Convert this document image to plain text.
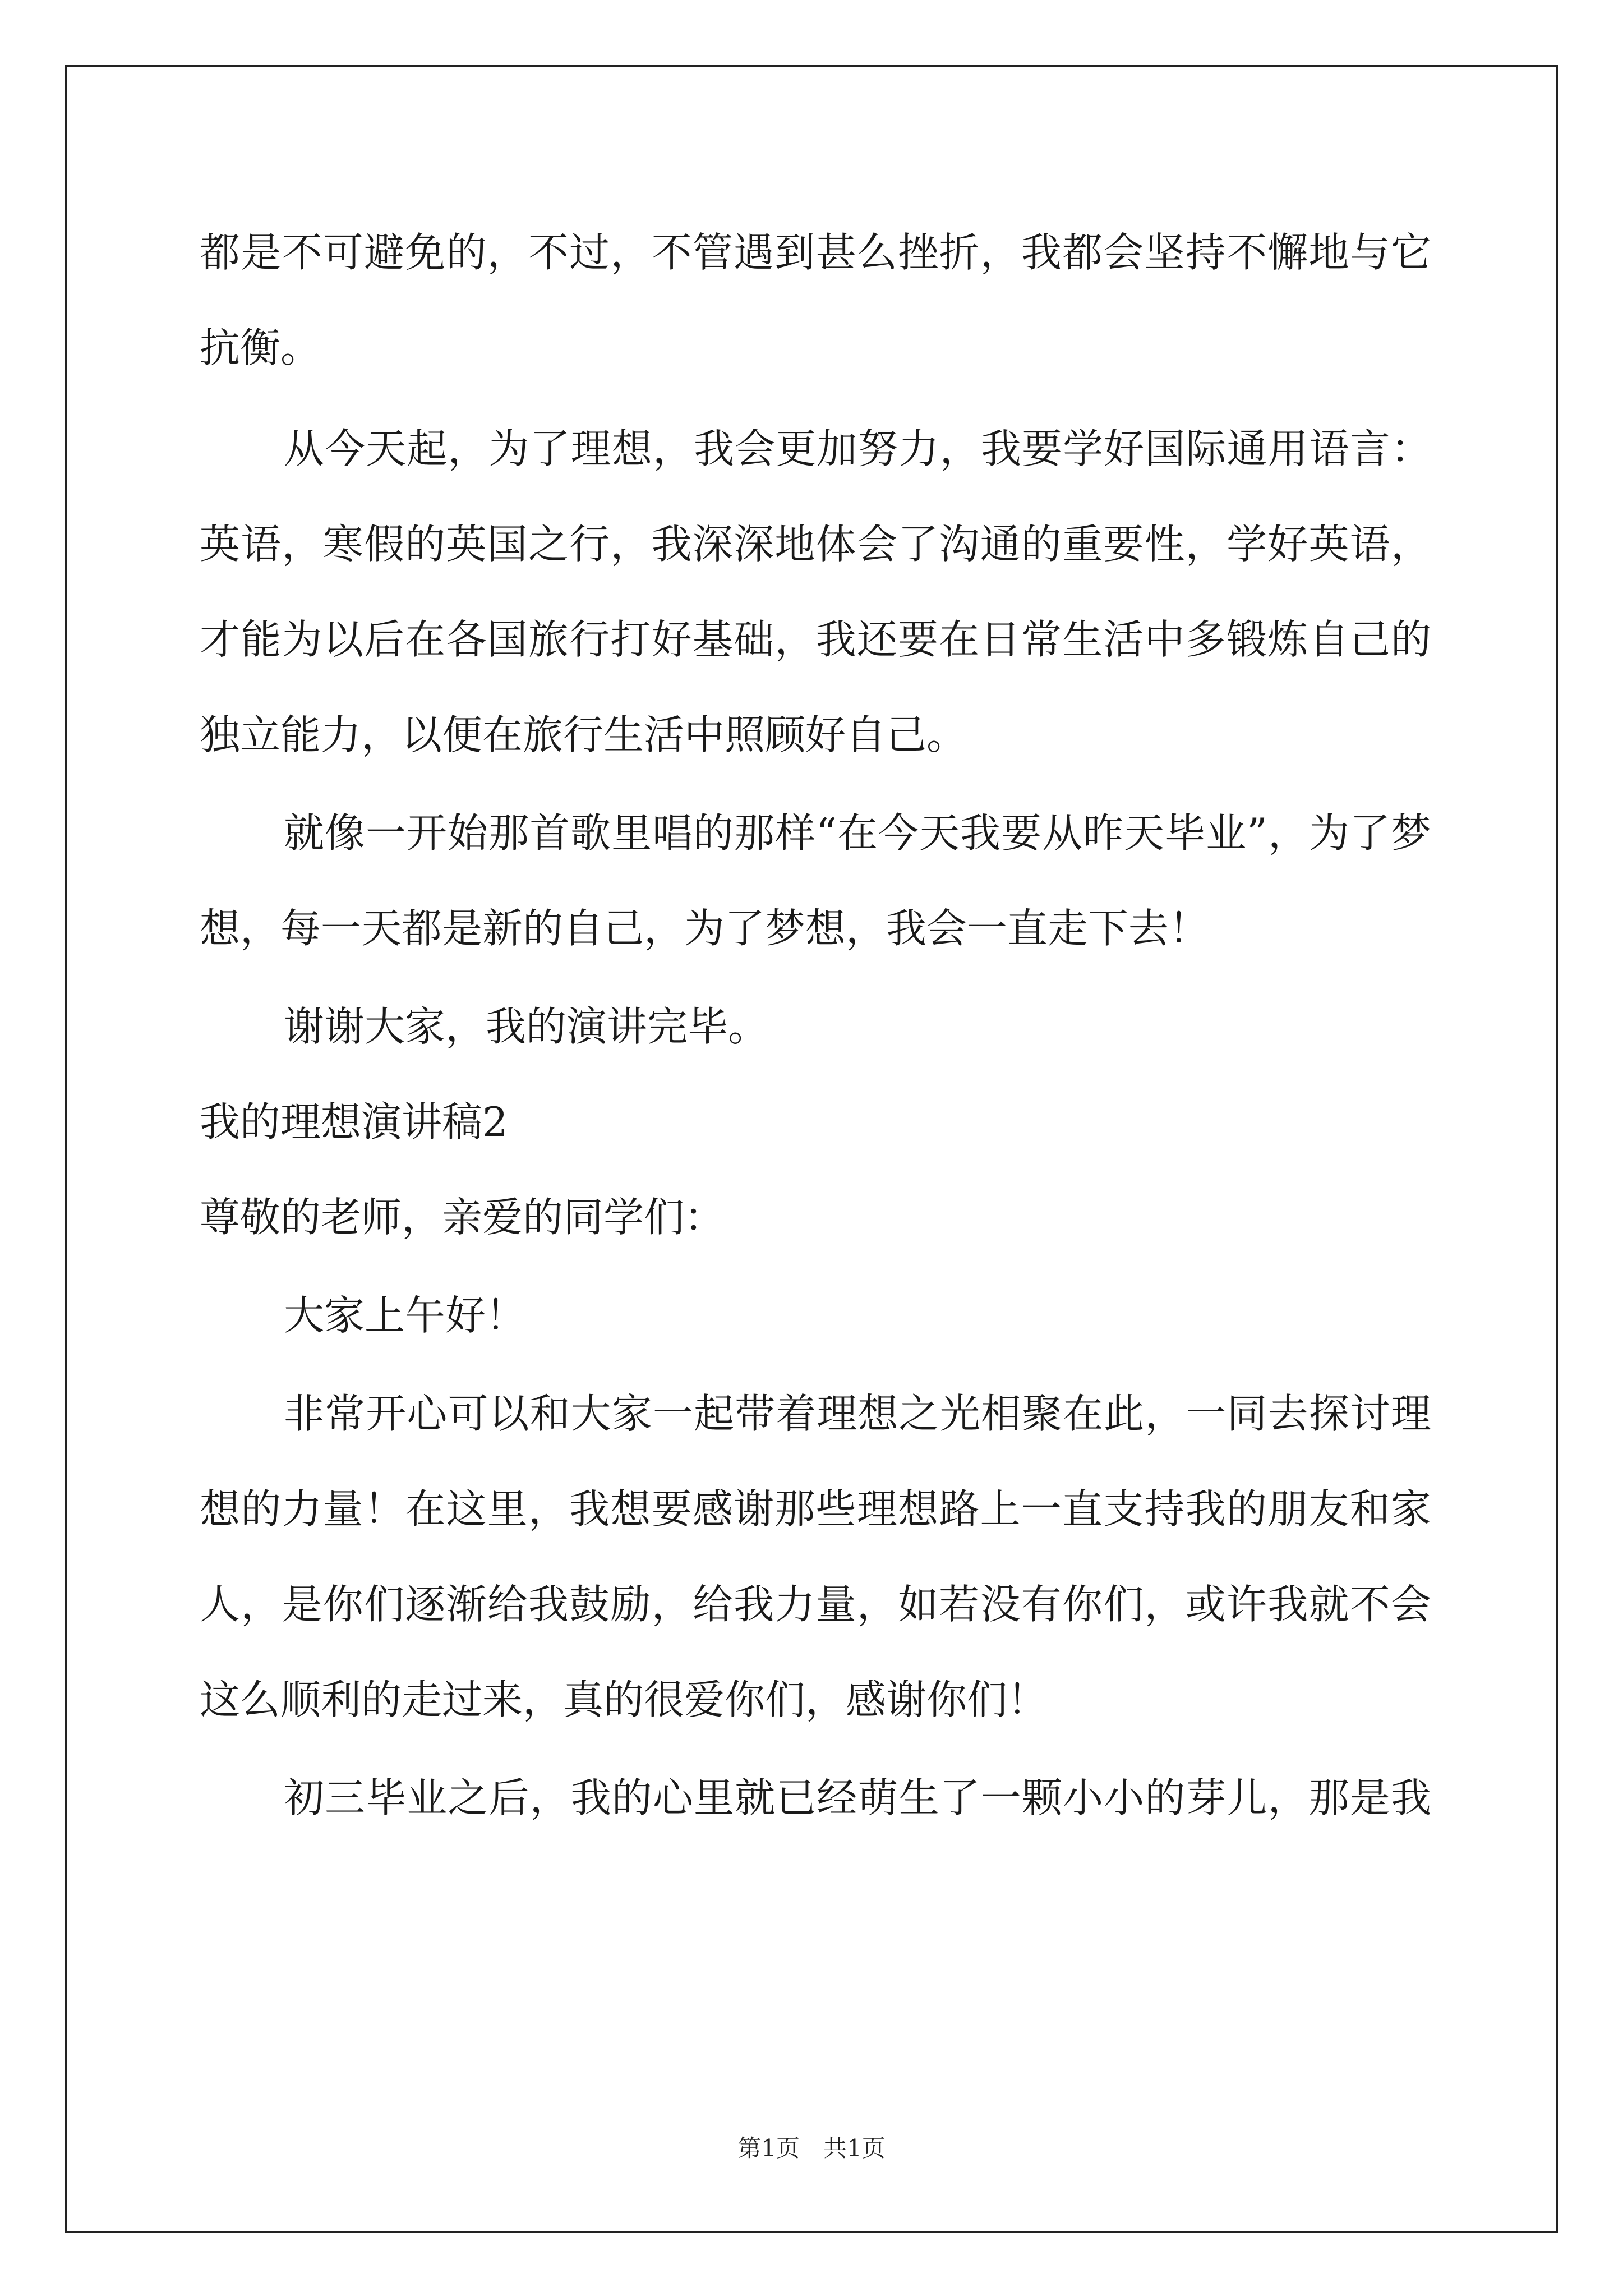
都是不可避免的，不过，不管遇到甚么挫折，我都会坚持不懈地与它
抗衡。
从今天起，为了理想，我会更加努力，我要学好国际通用语言：
英语，寒假的英国之行，我深深地体会了沟通的重要性，学好英语，
才能为以后在各国旅行打好基础，我还要在日常生活中多锻炼自己的
独立能力，以便在旅行生活中照顾好自己。
就像一开始那首歌里唱的那样“在今天我要从昨天毕业”，为了梦
想，每一天都是新的自己，为了梦想，我会一直走下去！
谢谢大家，我的演讲完毕。
我的理想演讲稿2
尊敬的老师，亲爱的同学们：
大家上午好！
非常开心可以和大家一起带着理想之光相聚在此，一同去探讨理
想的力量！在这里，我想要感谢那些理想路上一直支持我的朋友和家
人，是你们逐渐给我鼓励，给我力量，如若没有你们，或许我就不会
这么顺利的走过来，真的很爱你们，感谢你们！
初三毕业之后，我的心里就已经萌生了一颗小小的芽儿，那是我
第1页　共1页
